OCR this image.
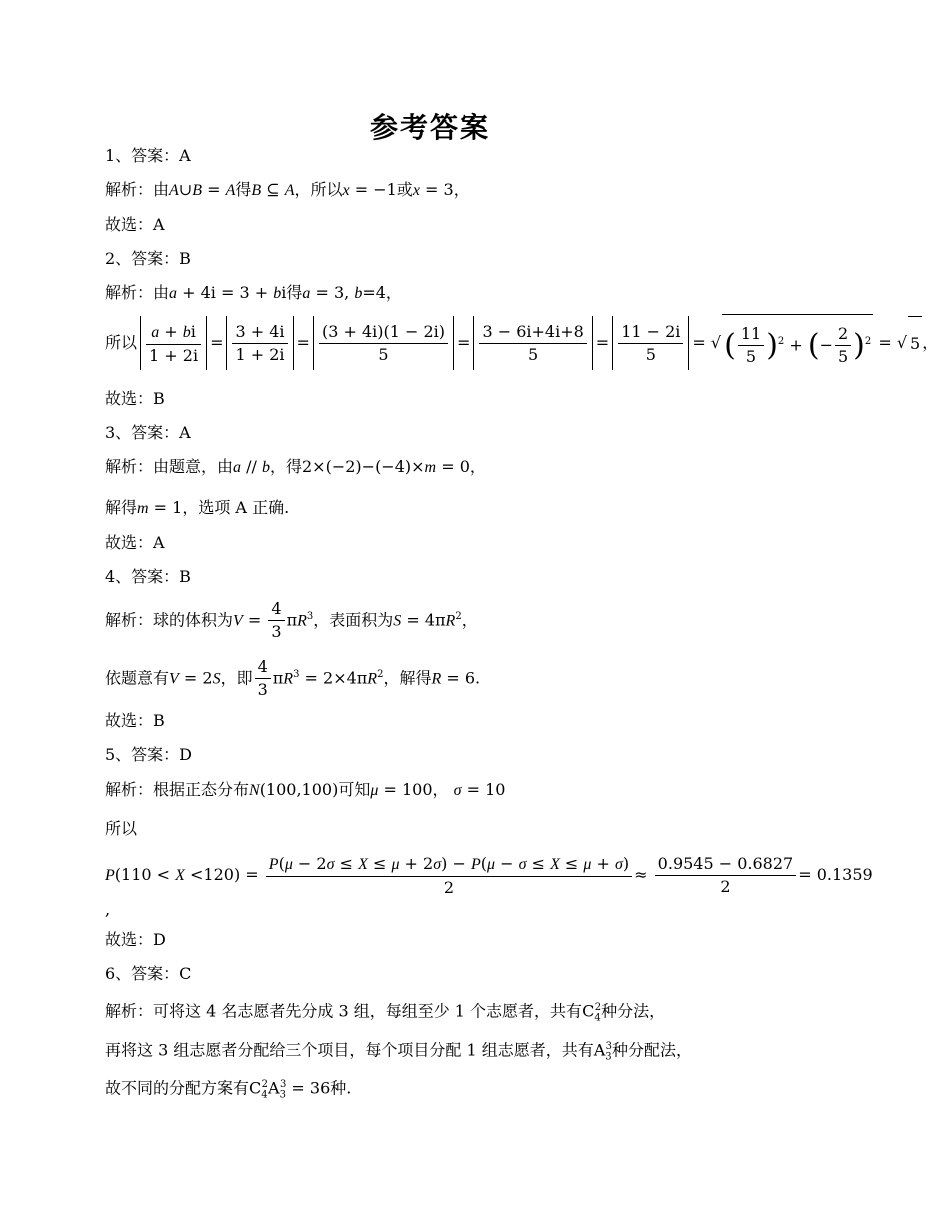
参考答案
1、答案：A
解析：由A∪B = A得B ⊆ A，所以x = −1或x = 3，
故选：A
2、答案：B
解析：由a + 4i = 3 + bi得a = 3, b=4，
所以 $\frac{a + bi}{1 + 2i} = \frac{3 + 4i}{1 + 2i} = \frac{(3 + 4i)(1 - 2i)}{5} = \frac{3 - 6i+4i+8}{5} = \frac{11 - 2i}{5}$ = √ ( $\frac{11}{5} )^2$ + (− $\frac{2}{5} )^2$ = √ 5 ，
故选：B
3、答案：A
解析：由题意，由a // b，得2×(−2)−(−4)×m = 0，
解得m = 1，选项 A 正确.
故选：A
4、答案：B
解析：球的体积为$V = \frac{4}{3} \pi R^3$，表面积为$S = 4\pi R^2$，
依题意有V = 2S，即 $\frac{4}{3} \pi R^3 = 2\times 4\pi R^2$，解得R = 6.
故选：B
5、答案：D
解析：根据正态分布N(100,100)可知μ = 100， σ = 10
所以
$P(110 < X <120) = \frac{P(\mu - 2\sigma \le X \le \mu + 2\sigma) - P(\mu - \sigma \le X \le \mu + \sigma)}{2} \approx \frac{0.9545 - 0.6827}{2} = 0.1359$
,
故选：D
6、答案：C
解析：可将这 4 名志愿者先分成 3 组，每组至少 1 个志愿者，共有$C_4^2$种分法，
再将这 3 组志愿者分配给三个项目，每个项目分配 1 组志愿者，共有$A_3^3$种分配法，
故不同的分配方案有$C_4^2A_3^3 = 36$种.
